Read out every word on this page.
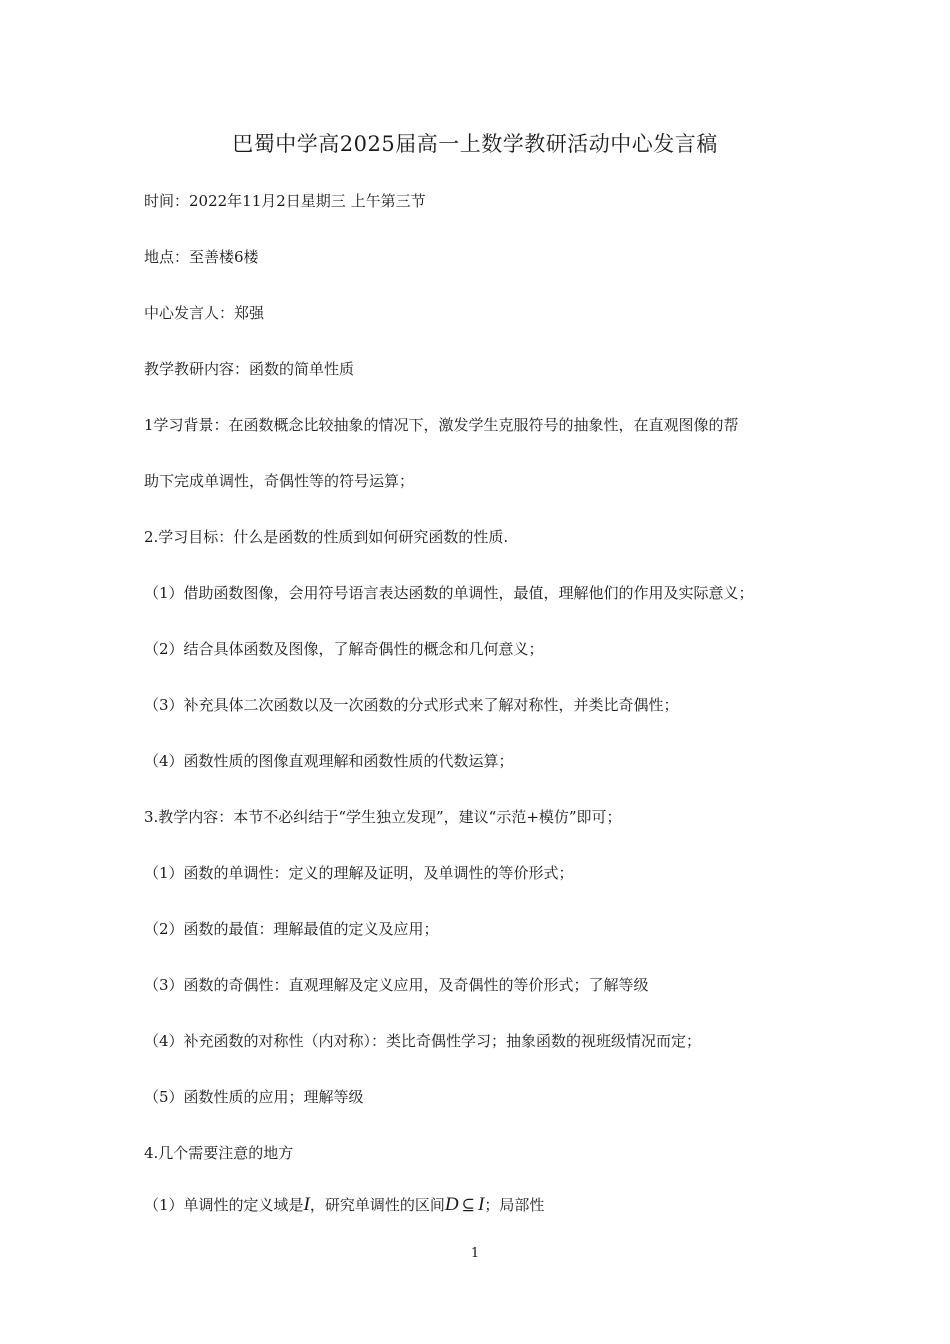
巴蜀中学高2025届高一上数学教研活动中心发言稿
时间：2022年11月2日星期三 上午第三节
地点：至善楼6楼
中心发言人：郑强
教学教研内容：函数的简单性质
1学习背景：在函数概念比较抽象的情况下，激发学生克服符号的抽象性，在直观图像的帮
助下完成单调性，奇偶性等的符号运算；
2.学习目标：什么是函数的性质到如何研究函数的性质.
（1）借助函数图像，会用符号语言表达函数的单调性，最值，理解他们的作用及实际意义；
（2）结合具体函数及图像，了解奇偶性的概念和几何意义；
（3）补充具体二次函数以及一次函数的分式形式来了解对称性，并类比奇偶性；
（4）函数性质的图像直观理解和函数性质的代数运算；
3.教学内容：本节不必纠结于“学生独立发现”，建议“示范+模仿”即可；
（1）函数的单调性：定义的理解及证明，及单调性的等价形式；
（2）函数的最值：理解最值的定义及应用；
（3）函数的奇偶性：直观理解及定义应用，及奇偶性的等价形式；了解等级
（4）补充函数的对称性（内对称）：类比奇偶性学习；抽象函数的视班级情况而定；
（5）函数性质的应用；理解等级
4.几个需要注意的地方
（1）单调性的定义域是I，研究单调性的区间D ⊆ I；局部性
1
